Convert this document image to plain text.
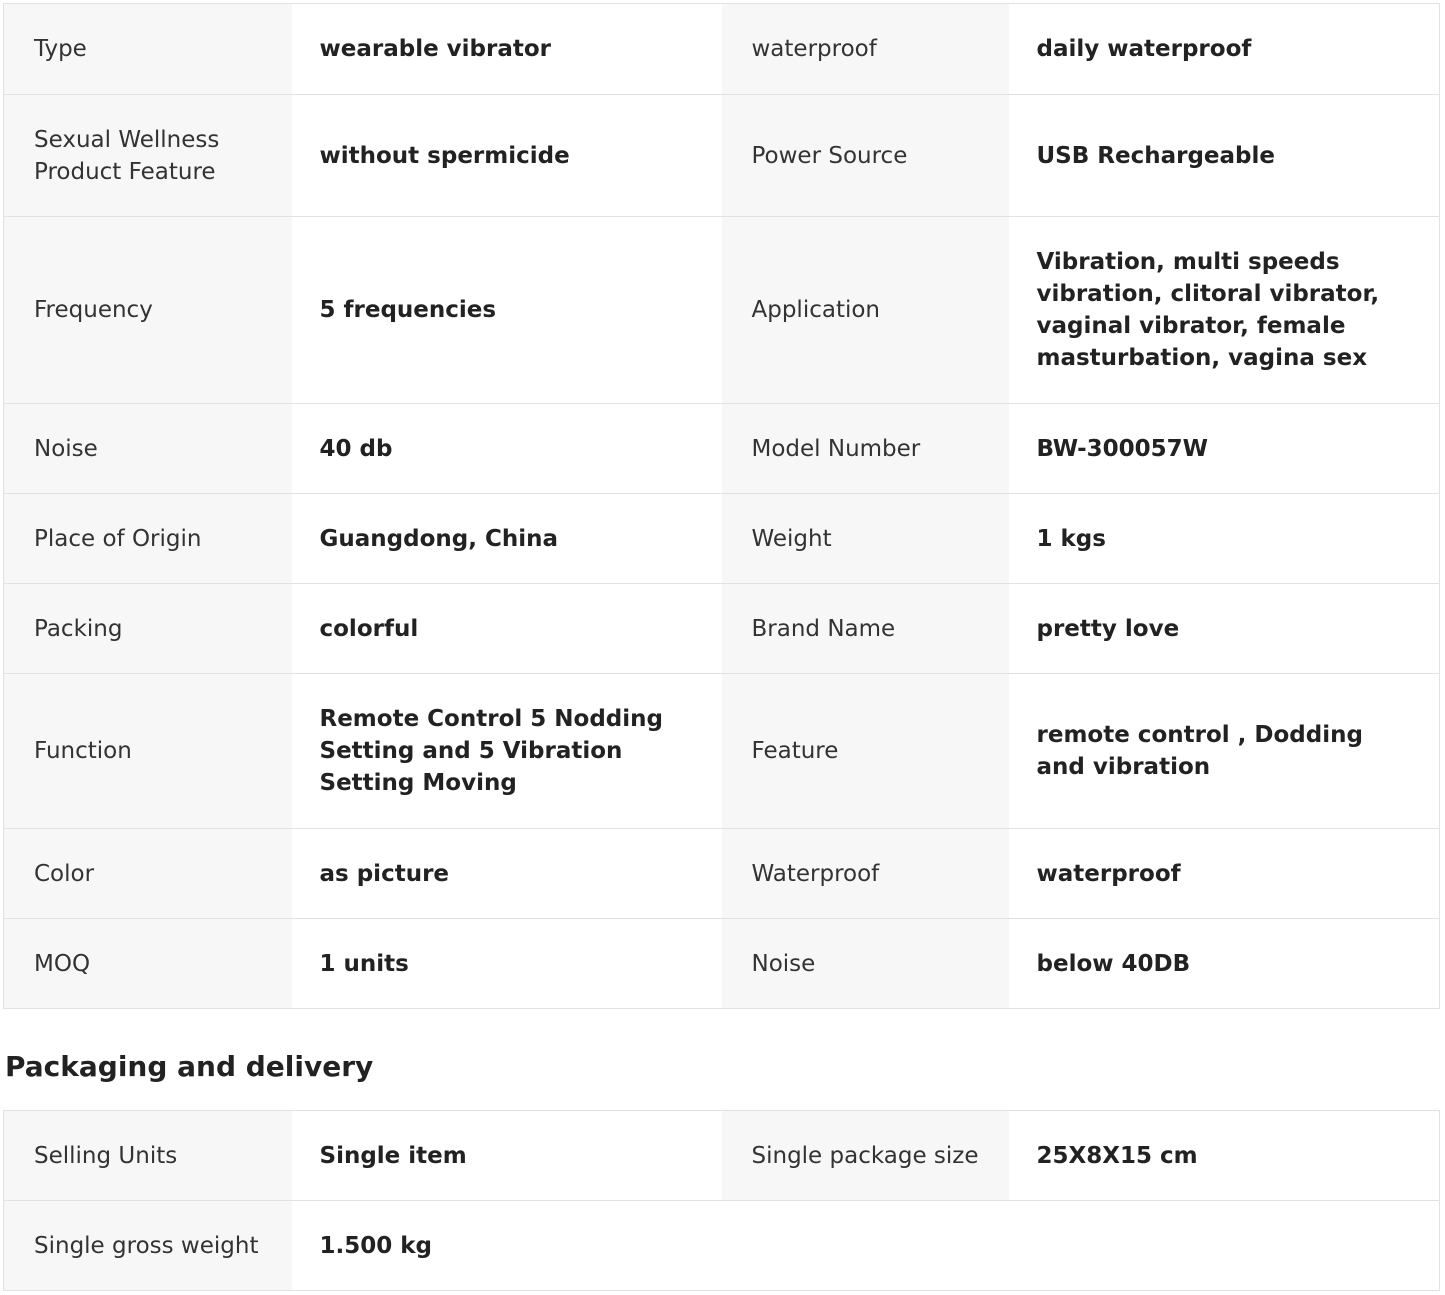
Type	wearable vibrator	waterproof	daily waterproof
Sexual Wellness Product Feature	without spermicide	Power Source	USB Rechargeable
Frequency	5 frequencies	Application	Vibration, multi speeds vibration, clitoral vibrator, vaginal vibrator, female masturbation, vagina sex
Noise	40 db	Model Number	BW-300057W
Place of Origin	Guangdong, China	Weight	1 kgs
Packing	colorful	Brand Name	pretty love
Function	Remote Control 5 Nodding Setting and 5 Vibration Setting Moving	Feature	remote control , Dodding and vibration
Color	as picture	Waterproof	waterproof
MOQ	1 units	Noise	below 40DB
Packaging and delivery
Selling Units	Single item	Single package size	25X8X15 cm
Single gross weight	1.500 kg		
